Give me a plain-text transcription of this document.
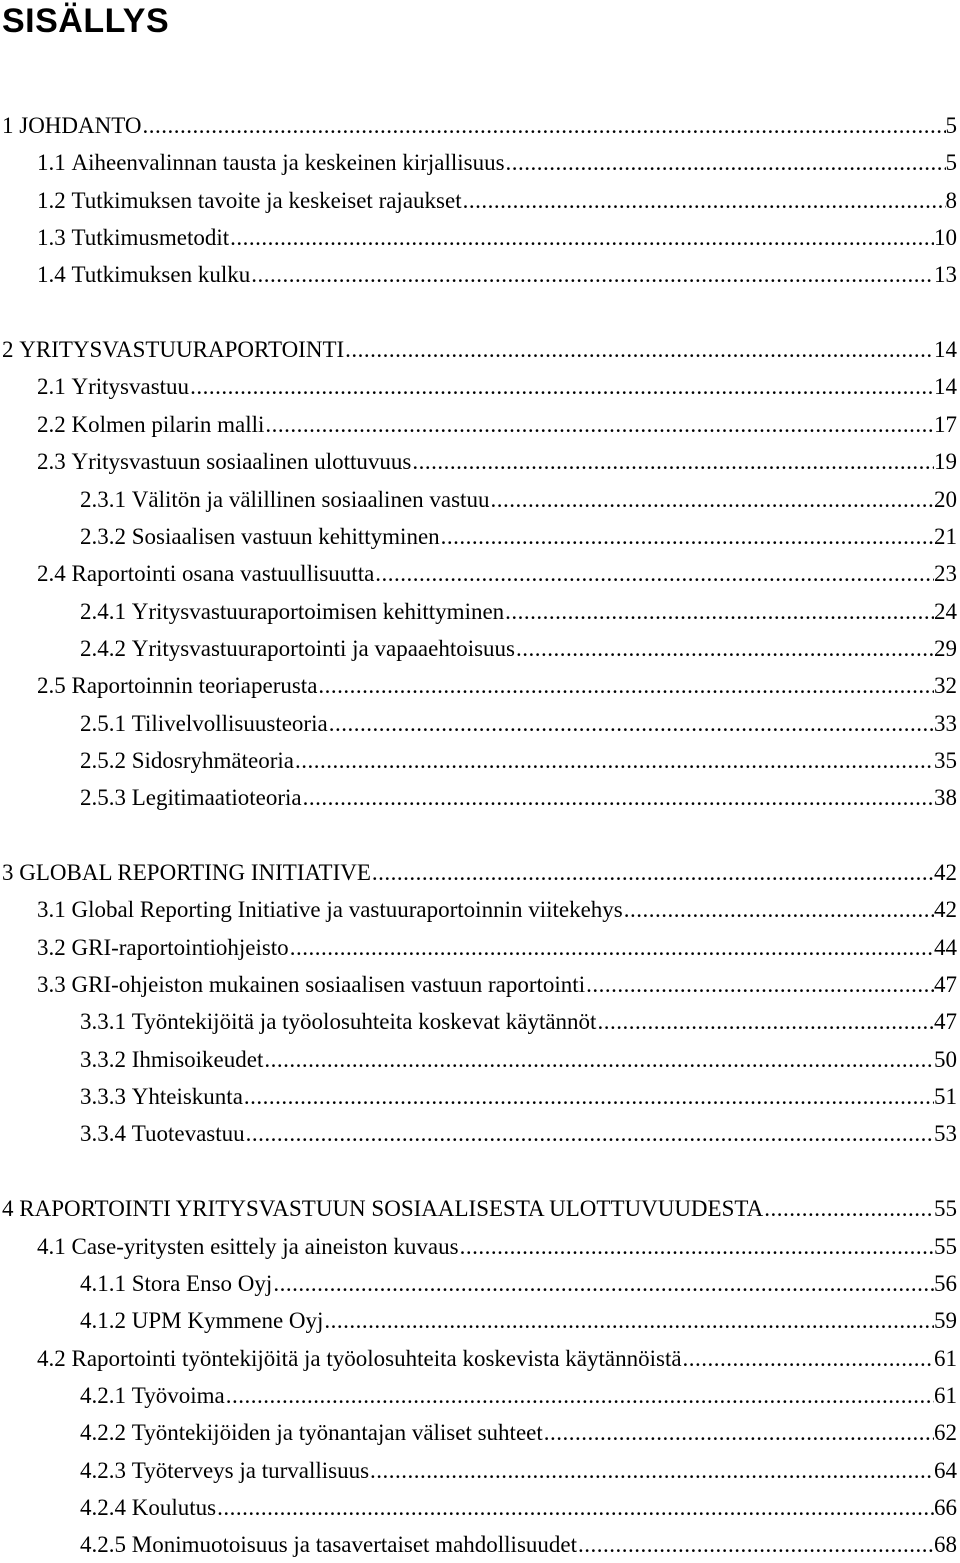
SISÄLLYS
1 JOHDANTO .....	5
1.1 Aiheenvalinnan tausta ja keskeinen kirjallisuus .....	5
1.2 Tutkimuksen tavoite ja keskeiset rajaukset .....	8
1.3 Tutkimusmetodit .....	10
1.4 Tutkimuksen kulku .....	13
2 YRITYSVASTUURAPORTOINTI .....	14
2.1 Yritysvastuu .....	14
2.2 Kolmen pilarin malli .....	17
2.3 Yritysvastuun sosiaalinen ulottuvuus .....	19
2.3.1 Välitön ja välillinen sosiaalinen vastuu .....	20
2.3.2 Sosiaalisen vastuun kehittyminen .....	21
2.4 Raportointi osana vastuullisuutta .....	23
2.4.1 Yritysvastuuraportoimisen kehittyminen .....	24
2.4.2 Yritysvastuuraportointi ja vapaaehtoisuus .....	29
2.5 Raportoinnin teoriaperusta .....	32
2.5.1 Tilivelvollisuusteoria .....	33
2.5.2 Sidosryhmäteoria .....	35
2.5.3 Legitimaatioteoria .....	38
3 GLOBAL REPORTING INITIATIVE .....	42
3.1 Global Reporting Initiative ja vastuuraportoinnin viitekehys .....	42
3.2 GRI-raportointiohjeisto .....	44
3.3 GRI-ohjeiston mukainen sosiaalisen vastuun raportointi .....	47
3.3.1 Työntekijöitä ja työolosuhteita koskevat käytännöt .....	47
3.3.2 Ihmisoikeudet .....	50
3.3.3 Yhteiskunta .....	51
3.3.4 Tuotevastuu .....	53
4 RAPORTOINTI YRITYSVASTUUN SOSIAALISESTA ULOTTUVUUDESTA .....	55
4.1 Case-yritysten esittely ja aineiston kuvaus .....	55
4.1.1 Stora Enso Oyj .....	56
4.1.2 UPM Kymmene Oyj .....	59
4.2 Raportointi työntekijöitä ja työolosuhteita koskevista käytännöistä .....	61
4.2.1 Työvoima .....	61
4.2.2 Työntekijöiden ja työnantajan väliset suhteet .....	62
4.2.3 Työterveys ja turvallisuus .....	64
4.2.4 Koulutus .....	66
4.2.5 Monimuotoisuus ja tasavertaiset mahdollisuudet .....	68
